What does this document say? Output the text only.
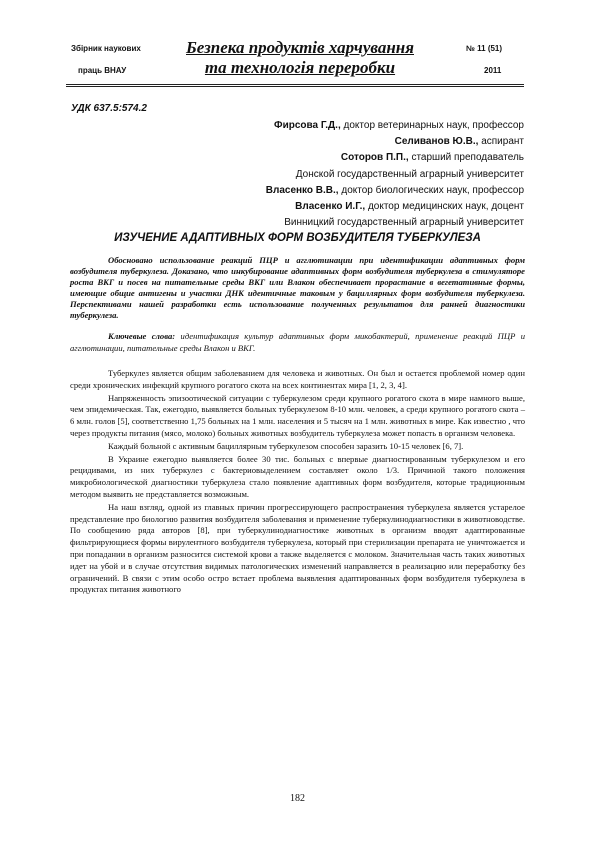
Збірник наукових
праць ВНАУ
Безпека продуктів харчування
та технологія переробки
№ 11 (51)
2011
УДК 637.5:574.2
Фирсова Г.Д., доктор ветеринарных наук, профессор
Селиванов Ю.В., аспирант
Сотоpов П.П., старший преподаватель
Донской государственный аграрный университет
Власенко В.В., доктор биологических наук, профессор
Власенко И.Г., доктор медицинских наук, доцент
Винницкий государственный аграрный университет
ИЗУЧЕНИЕ АДАПТИВНЫХ ФОРМ ВОЗБУДИТЕЛЯ ТУБЕРКУЛЕЗА

Обосновано использование реакций ПЦР и агглютинации при идентификации адаптивных форм возбудителя туберкулеза. Доказано, что инкубирование адаптивных форм возбудителя туберкулеза в стимуляторе роста ВКГ и посев на питательные среды ВКГ или Влакон обеспечивает прорастание в вегетативные формы, имеющие общие антигены и участки ДНК идентичные таковым у бациллярных форм возбудителя туберкулеза. Перспективами нашей разработки есть использование полученных результатов для ранней диагностики туберкулеза.

Ключевые слова: идентификация культур адаптивных форм микобактерий, применение реакций ПЦР и агглютинации, питательные среды Влакон и ВКГ.

Туберкулез является общим заболеванием для человека и животных. Он был и остается проблемой номер один среди хронических инфекций крупного рогатого скота на всех континентах мира [1, 2, 3, 4].

Напряженность эпизоотической ситуации с туберкулезом среди крупного рогатого скота в мире намного выше, чем эпидемическая. Так, ежегодно, выявляется больных туберкулезом 8-10 млн. человек, а среди крупного рогатого скота – 6 млн. голов [5], соответственно 1,75 больных на 1 млн. населения и 5 тысяч на 1 млн. животных в мире. Как известно , что через продукты питания (мясо, молоко) больных животных возбудитель туберкулеза может попасть в организм человека.

Каждый больной с активным бациллярным туберкулезом способен заразить 10-15 человек [6, 7].

В Украине ежегодно выявляется более 30 тис. больных с впервые диагностированным туберкулезом и его рецидивами, из них туберкулез с бактериовыделением составляет около 1/3. Причиной такого положения микробиологической диагностики туберкулеза стало появление адаптивных форм возбудителя, которые традиционным методом выявить не представляется возможным.

На наш взгляд, одной из главных причин прогрессирующего распространения туберкулеза является устарелое представление про биологию развития возбудителя заболевания и применение туберкулинодиагностики в животноводстве. По сообщению ряда авторов [8], при туберкулинодиагностике животных в организм вводят адаптированные фильтрирующиеся формы вирулентного возбудителя туберкулеза, который при стерилизации препарата не уничтожается и при попадании в организм разносится системой крови а также выделяется с молоком. Значительная часть таких животных идет на убой и в случае отсутствия видимых патологических изменений направляется в реализацию или переработку без ограничений. В связи с этим особо остро встает проблема выявления адаптированных форм возбудителя туберкулеза в продуктах питания животного

182
